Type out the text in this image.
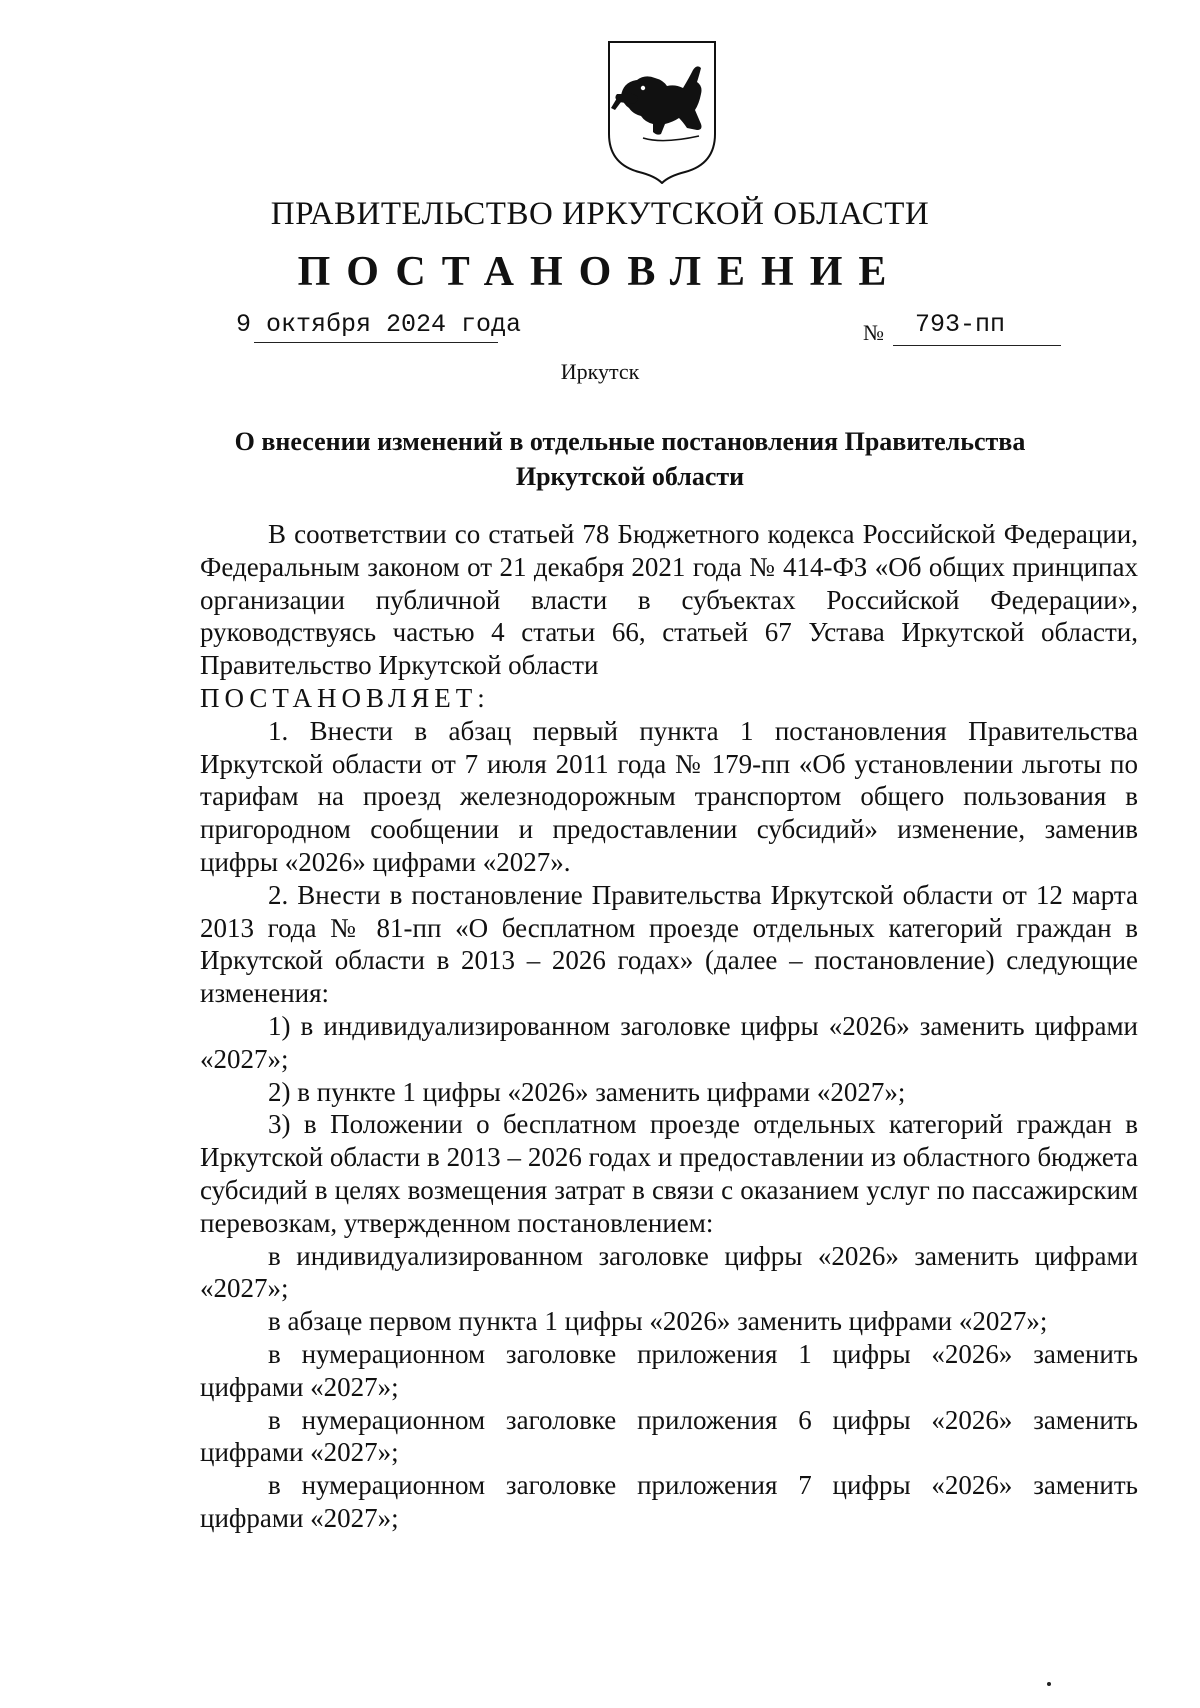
ПРАВИТЕЛЬСТВО ИРКУТСКОЙ ОБЛАСТИ
ПОСТАНОВЛЕНИЕ
9 октября 2024 года	№ 793-пп
Иркутск
О внесении изменений в отдельные постановления Правительства
Иркутской области

В соответствии со статьей 78 Бюджетного кодекса Российской Федерации, Федеральным законом от 21 декабря 2021 года № 414-ФЗ «Об общих принципах организации публичной власти в субъектах Российской Федерации», руководствуясь частью 4 статьи 66, статьей 67 Устава Иркутской области, Правительство Иркутской области

ПОСТАНОВЛЯЕТ:

1. Внести в абзац первый пункта 1 постановления Правительства Иркутской области от 7 июля 2011 года № 179-пп «Об установлении льготы по тарифам на проезд железнодорожным транспортом общего пользования в пригородном сообщении и предоставлении субсидий» изменение, заменив цифры «2026» цифрами «2027».

2. Внести в постановление Правительства Иркутской области от 12 марта 2013 года № 81-пп «О бесплатном проезде отдельных категорий граждан в Иркутской области в 2013 – 2026 годах» (далее – постановление) следующие изменения:

1) в индивидуализированном заголовке цифры «2026» заменить цифрами «2027»;

2) в пункте 1 цифры «2026» заменить цифрами «2027»;

3) в Положении о бесплатном проезде отдельных категорий граждан в Иркутской области в 2013 – 2026 годах и предоставлении из областного бюджета субсидий в целях возмещения затрат в связи с оказанием услуг по пассажирским перевозкам, утвержденном постановлением:

в индивидуализированном заголовке цифры «2026» заменить цифрами «2027»;

в абзаце первом пункта 1 цифры «2026» заменить цифрами «2027»;

в нумерационном заголовке приложения 1 цифры «2026» заменить цифрами «2027»;

в нумерационном заголовке приложения 6 цифры «2026» заменить цифрами «2027»;

в нумерационном заголовке приложения 7 цифры «2026» заменить цифрами «2027»;
